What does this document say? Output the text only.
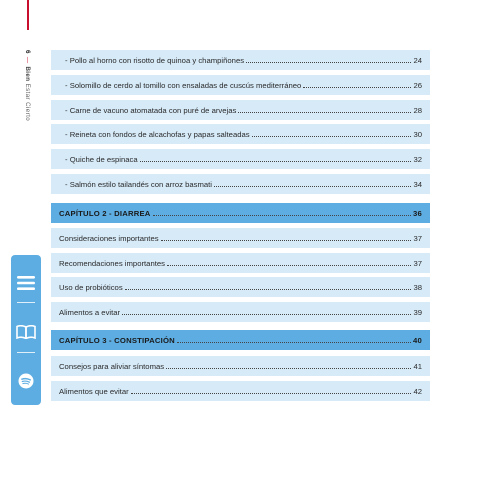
6—Bien Estar Cierto
- Pollo al horno con risotto de quinoa y champiñones	24
- Solomillo de cerdo al tomillo con ensaladas de cuscús mediterráneo	26
- Carne de vacuno atomatada con puré de arvejas	28
- Reineta con fondos de alcachofas y papas salteadas	30
- Quiche de espinaca	32
- Salmón estilo tailandés con arroz basmati	34
CAPÍTULO 2 - DIARREA	36
Consideraciones importantes	37
Recomendaciones importantes	37
Uso de probióticos	38
Alimentos a evitar	39
CAPÍTULO 3 - CONSTIPACIÓN	40
Consejos para aliviar síntomas	41
Alimentos que evitar	42
